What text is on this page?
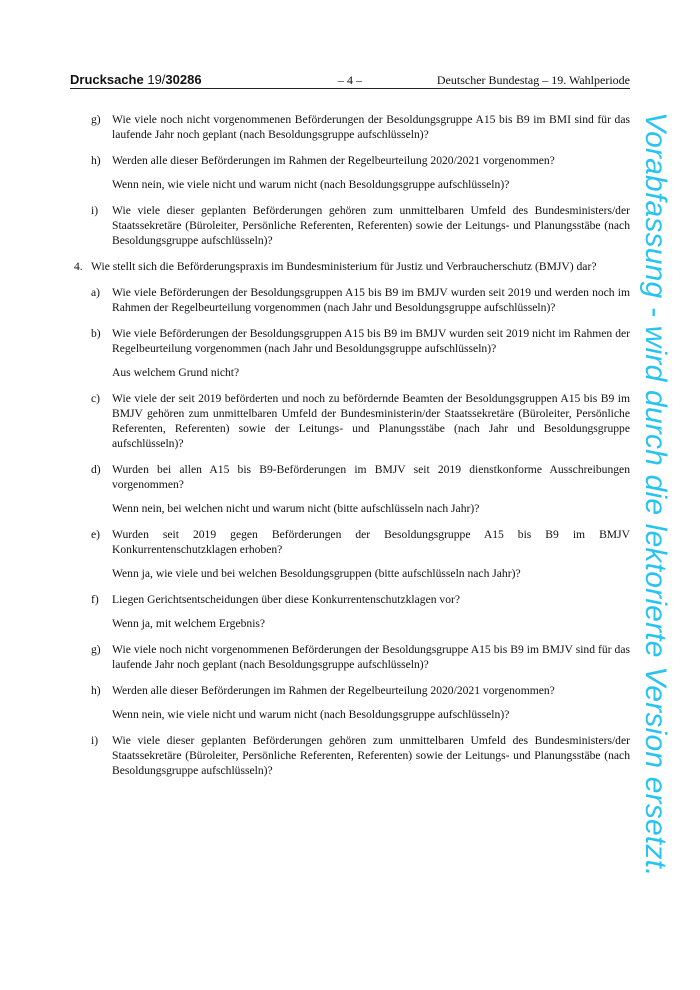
Drucksache 19/30286	– 4 –	Deutscher Bundestag – 19. Wahlperiode
g) Wie viele noch nicht vorgenommenen Beförderungen der Besoldungsgruppe A15 bis B9 im BMI sind für das laufende Jahr noch geplant (nach Besoldungsgruppe aufschlüsseln)?

h) Werden alle dieser Beförderungen im Rahmen der Regelbeurteilung 2020/2021 vorgenommen?

Wenn nein, wie viele nicht und warum nicht (nach Besoldungsgruppe aufschlüsseln)?

i) Wie viele dieser geplanten Beförderungen gehören zum unmittelbaren Umfeld des Bundesministers/der Staatssekretäre (Büroleiter, Persönliche Referenten, Referenten) sowie der Leitungs- und Planungsstäbe (nach Besoldungsgruppe aufschlüsseln)?

4. Wie stellt sich die Beförderungspraxis im Bundesministerium für Justiz und Verbraucherschutz (BMJV) dar?

a) Wie viele Beförderungen der Besoldungsgruppen A15 bis B9 im BMJV wurden seit 2019 und werden noch im Rahmen der Regelbeurteilung vorgenommen (nach Jahr und Besoldungsgruppe aufschlüsseln)?

b) Wie viele Beförderungen der Besoldungsgruppen A15 bis B9 im BMJV wurden seit 2019 nicht im Rahmen der Regelbeurteilung vorgenommen (nach Jahr und Besoldungsgruppe aufschlüsseln)?

Aus welchem Grund nicht?

c) Wie viele der seit 2019 beförderten und noch zu befördernde Beamten der Besoldungsgruppen A15 bis B9 im BMJV gehören zum unmittelbaren Umfeld der Bundesministerin/der Staatssekretäre (Büroleiter, Persönliche Referenten, Referenten) sowie der Leitungs- und Planungsstäbe (nach Jahr und Besoldungsgruppe aufschlüsseln)?

d) Wurden bei allen A15 bis B9-Beförderungen im BMJV seit 2019 dienstkonforme Ausschreibungen vorgenommen?

Wenn nein, bei welchen nicht und warum nicht (bitte aufschlüsseln nach Jahr)?

e) Wurden seit 2019 gegen Beförderungen der Besoldungsgruppe A15 bis B9 im BMJV Konkurrentenschutzklagen erhoben?

Wenn ja, wie viele und bei welchen Besoldungsgruppen (bitte aufschlüsseln nach Jahr)?

f) Liegen Gerichtsentscheidungen über diese Konkurrentenschutzklagen vor?

Wenn ja, mit welchem Ergebnis?

g) Wie viele noch nicht vorgenommenen Beförderungen der Besoldungsgruppe A15 bis B9 im BMJV sind für das laufende Jahr noch geplant (nach Besoldungsgruppe aufschlüsseln)?

h) Werden alle dieser Beförderungen im Rahmen der Regelbeurteilung 2020/2021 vorgenommen?

Wenn nein, wie viele nicht und warum nicht (nach Besoldungsgruppe aufschlüsseln)?

i) Wie viele dieser geplanten Beförderungen gehören zum unmittelbaren Umfeld des Bundesministers/der Staatssekretäre (Büroleiter, Persönliche Referenten, Referenten) sowie der Leitungs- und Planungsstäbe (nach Besoldungsgruppe aufschlüsseln)?	Vorabfassung - wird durch die lektorierte Version ersetzt.
